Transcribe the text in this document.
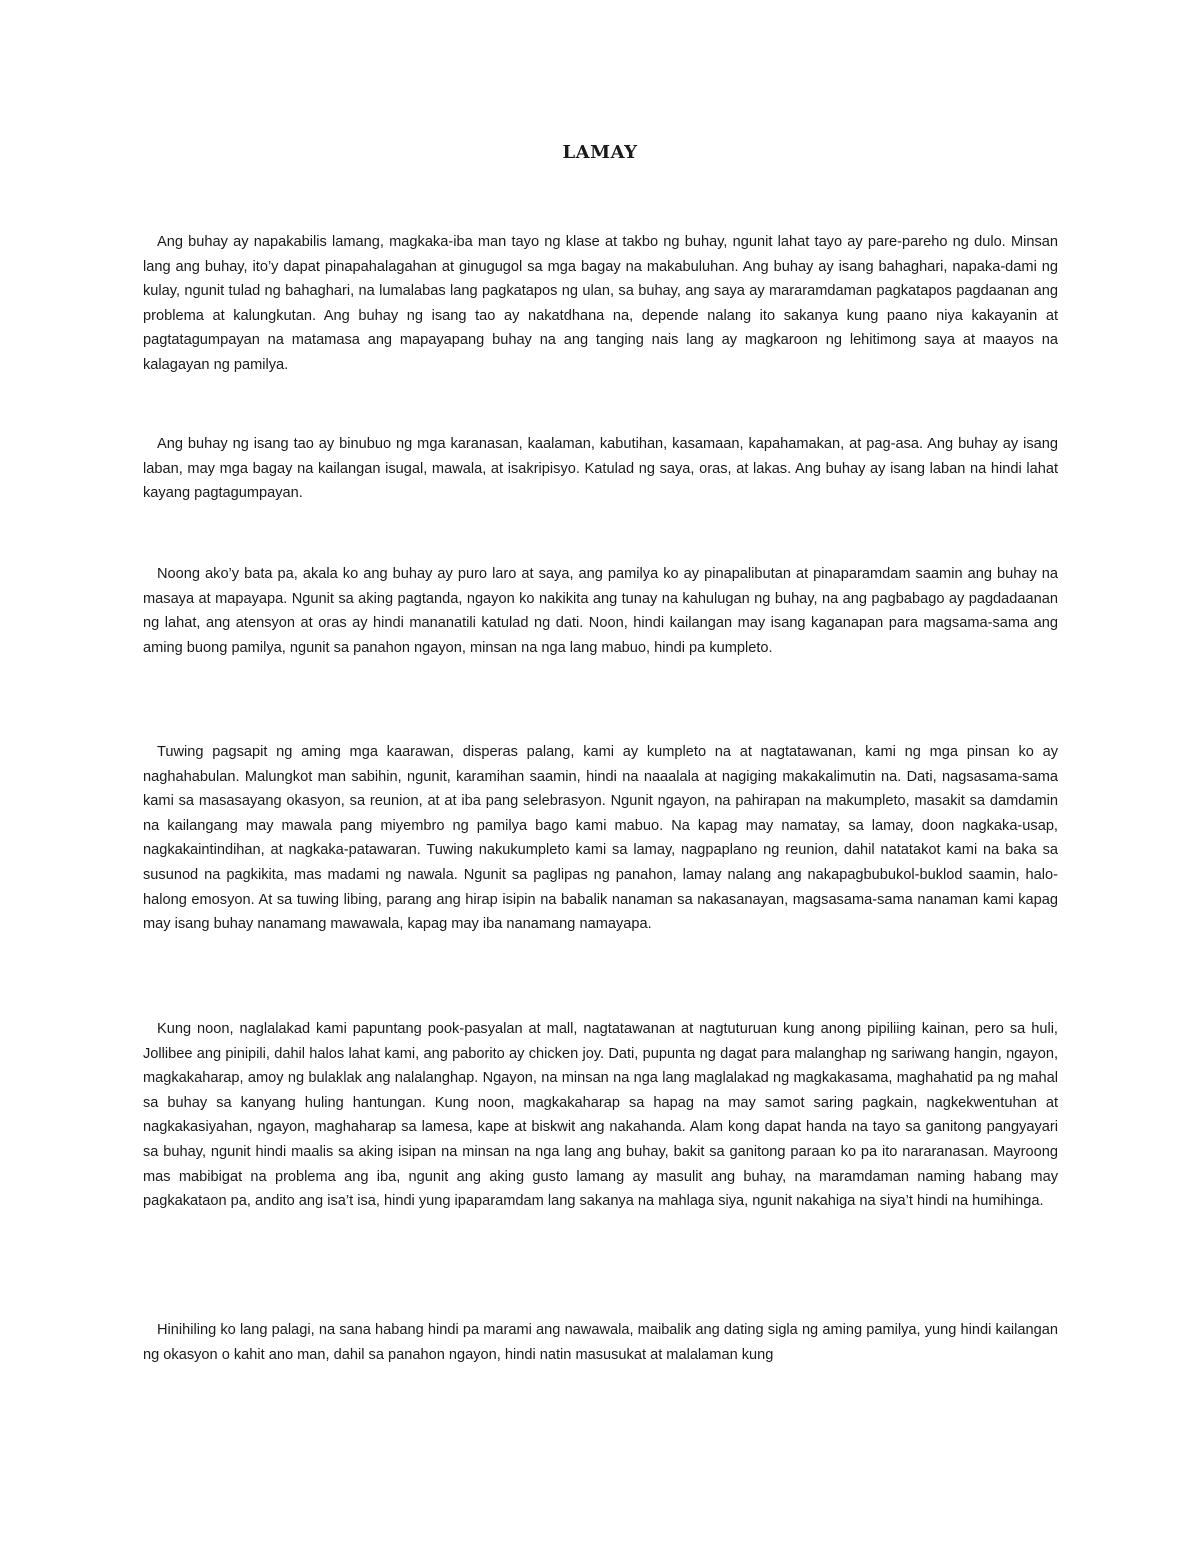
LAMAY

Ang buhay ay napakabilis lamang, magkaka-iba man tayo ng klase at takbo ng buhay, ngunit lahat tayo ay pare-pareho ng dulo. Minsan lang ang buhay, ito’y dapat pinapahalagahan at ginugugol sa mga bagay na makabuluhan. Ang buhay ay isang bahaghari, napaka-dami ng kulay, ngunit tulad ng bahaghari, na lumalabas lang pagkatapos ng ulan, sa buhay, ang saya ay mararamdaman pagkatapos pagdaanan ang problema at kalungkutan. Ang buhay ng isang tao ay nakatdhana na, depende nalang ito sakanya kung paano niya kakayanin at pagtatagumpayan na matamasa ang mapayapang buhay na ang tanging nais lang ay magkaroon ng lehitimong saya at maayos na kalagayan ng pamilya.

Ang buhay ng isang tao ay binubuo ng mga karanasan, kaalaman, kabutihan, kasamaan, kapahamakan, at pag-asa. Ang buhay ay isang laban, may mga bagay na kailangan isugal, mawala, at isakripisyo. Katulad ng saya, oras, at lakas. Ang buhay ay isang laban na hindi lahat kayang pagtagumpayan.

Noong ako’y bata pa, akala ko ang buhay ay puro laro at saya, ang pamilya ko ay pinapalibutan at pinaparamdam saamin ang buhay na masaya at mapayapa. Ngunit sa aking pagtanda, ngayon ko nakikita ang tunay na kahulugan ng buhay, na ang pagbabago ay pagdadaanan ng lahat, ang atensyon at oras ay hindi mananatili katulad ng dati. Noon, hindi kailangan may isang kaganapan para magsama-sama ang aming buong pamilya, ngunit sa panahon ngayon, minsan na nga lang mabuo, hindi pa kumpleto.

Tuwing pagsapit ng aming mga kaarawan, disperas palang, kami ay kumpleto na at nagtatawanan, kami ng mga pinsan ko ay naghahabulan. Malungkot man sabihin, ngunit, karamihan saamin, hindi na naaalala at nagiging makakalimutin na. Dati, nagsasama-sama kami sa masasayang okasyon, sa reunion, at at iba pang selebrasyon. Ngunit ngayon, na pahirapan na makumpleto, masakit sa damdamin na kailangang may mawala pang miyembro ng pamilya bago kami mabuo. Na kapag may namatay, sa lamay, doon nagkaka-usap, nagkakaintindihan, at nagkaka-patawaran. Tuwing nakukumpleto kami sa lamay, nagpaplano ng reunion, dahil natatakot kami na baka sa susunod na pagkikita, mas madami ng nawala. Ngunit sa paglipas ng panahon, lamay nalang ang nakapagbubukol-buklod saamin, halo-halong emosyon. At sa tuwing libing, parang ang hirap isipin na babalik nanaman sa nakasanayan, magsasama-sama nanaman kami kapag may isang buhay nanamang mawawala, kapag may iba nanamang namayapa.

Kung noon, naglalakad kami papuntang pook-pasyalan at mall, nagtatawanan at nagtuturuan kung anong pipiliing kainan, pero sa huli, Jollibee ang pinipili, dahil halos lahat kami, ang paborito ay chicken joy. Dati, pupunta ng dagat para malanghap ng sariwang hangin, ngayon, magkakaharap, amoy ng bulaklak ang nalalanghap. Ngayon, na minsan na nga lang maglalakad ng magkakasama, maghahatid pa ng mahal sa buhay sa kanyang huling hantungan. Kung noon, magkakaharap sa hapag na may samot saring pagkain, nagkekwentuhan at nagkakasiyahan, ngayon, maghaharap sa lamesa, kape at biskwit ang nakahanda. Alam kong dapat handa na tayo sa ganitong pangyayari sa buhay, ngunit hindi maalis sa aking isipan na minsan na nga lang ang buhay, bakit sa ganitong paraan ko pa ito nararanasan. Mayroong mas mabibigat na problema ang iba, ngunit ang aking gusto lamang ay masulit ang buhay, na maramdaman naming habang may pagkakataon pa, andito ang isa’t isa, hindi yung ipaparamdam lang sakanya na mahlaga siya, ngunit nakahiga na siya’t hindi na humihinga.

Hinihiling ko lang palagi, na sana habang hindi pa marami ang nawawala, maibalik ang dating sigla ng aming pamilya, yung hindi kailangan ng okasyon o kahit ano man, dahil sa panahon ngayon, hindi natin masusukat at malalaman kung
